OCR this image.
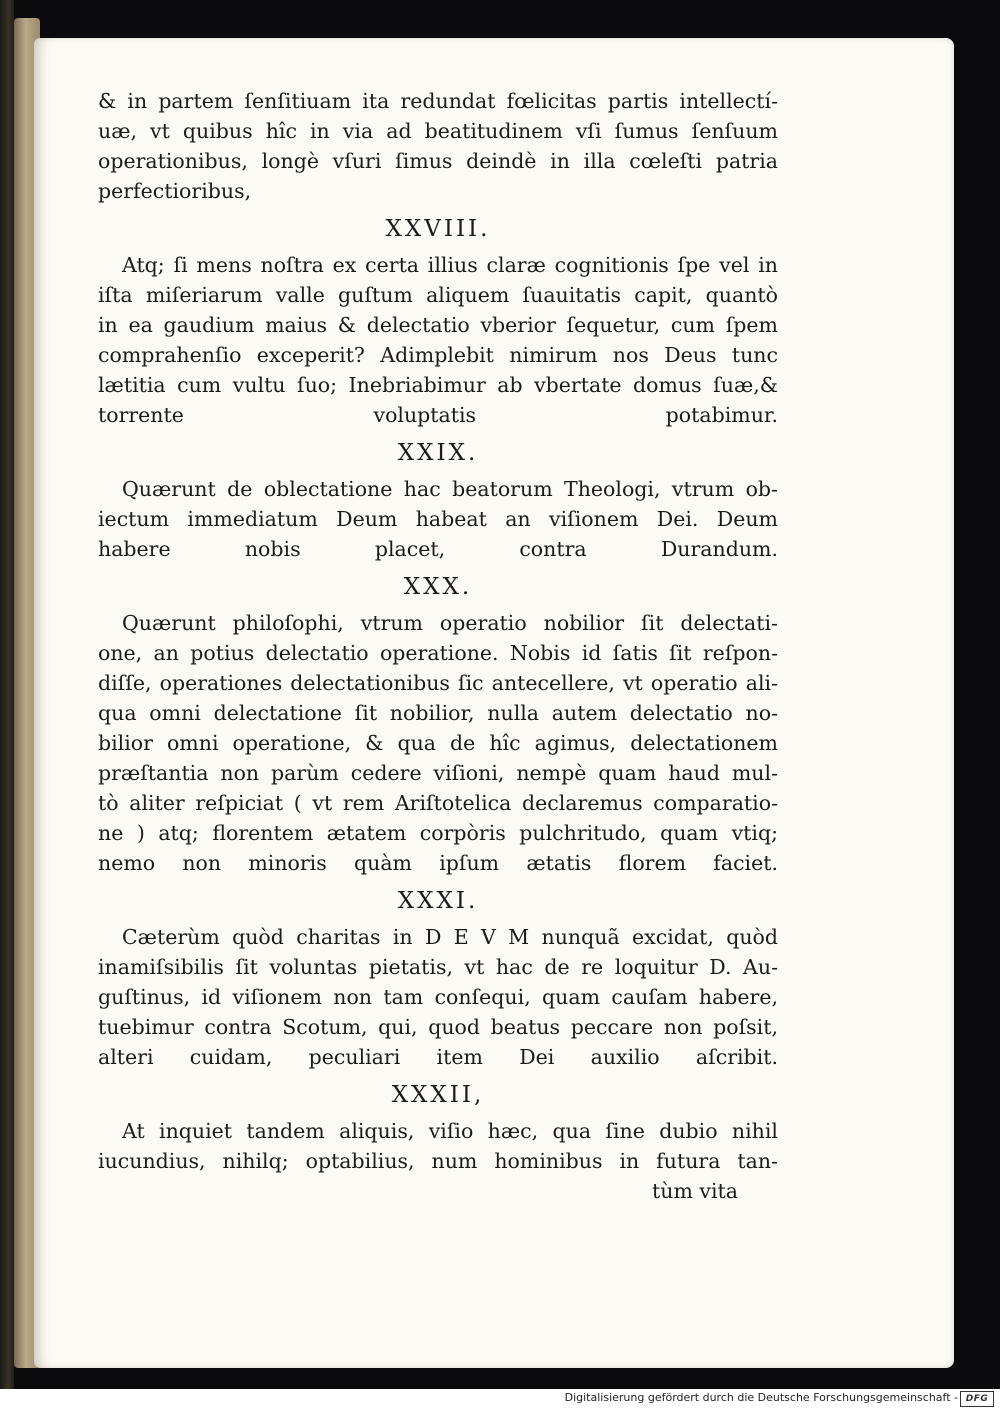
& in partem ſenſitiuam ita redundat fœlicitas partis intellectí-
uæ, vt quibus hîc in via ad beatitudinem vſi ſumus ſenſuum
operationibus, longè vſuri ſimus deindè in illa cœleſti patria
perfectioribus,
XXVIII.
Atq; ſi mens noſtra ex certa illius claræ cognitionis ſpe vel in
iſta miſeriarum valle guſtum aliquem ſuauitatis capit, quantò
in ea gaudium maius & delectatio vberior ſequetur, cum ſpem
comprahenſio exceperit? Adimplebit nimirum nos Deus tunc
lætitia cum vultu ſuo; Inebriabimur ab vbertate domus ſuæ,&
torrente voluptatis potabimur.
XXIX.
Quærunt de oblectatione hac beatorum Theologi, vtrum ob-
iectum immediatum Deum habeat an viſionem Dei. Deum
habere nobis placet, contra Durandum.
XXX.
Quærunt philoſophi, vtrum operatio nobilior ſit delectati-
one, an potius delectatio operatione. Nobis id ſatis ſit reſpon-
diſſe, operationes delectationibus ſic antecellere, vt operatio ali-
qua omni delectatione ſit nobilior, nulla autem delectatio no-
bilior omni operatione, & qua de hîc agimus, delectationem
præſtantia non parùm cedere viſioni, nempè quam haud mul-
tò aliter reſpiciat ( vt rem Ariſtotelica declaremus comparatio-
ne ) atq; florentem ætatem corpòris pulchritudo, quam vtiq;
nemo non minoris quàm ipſum ætatis florem faciet.
XXXI.
Cæterùm quòd charitas in D E V M nunquã excidat, quòd
inamiſsibilis ſit voluntas pietatis, vt hac de re loquitur D. Au-
guſtinus, id viſionem non tam conſequi, quam cauſam habere,
tuebimur contra Scotum, qui, quod beatus peccare non poſsit,
alteri cuidam, peculiari item Dei auxilio aſcribit.
XXXII,
At inquiet tandem aliquis, viſio hæc, qua ſine dubio nihil
iucundius, nihilq; optabilius, num hominibus in futura tan-
tùm vita
Digitalisierung gefördert durch die Deutsche Forschungsgemeinschaft - DFG
